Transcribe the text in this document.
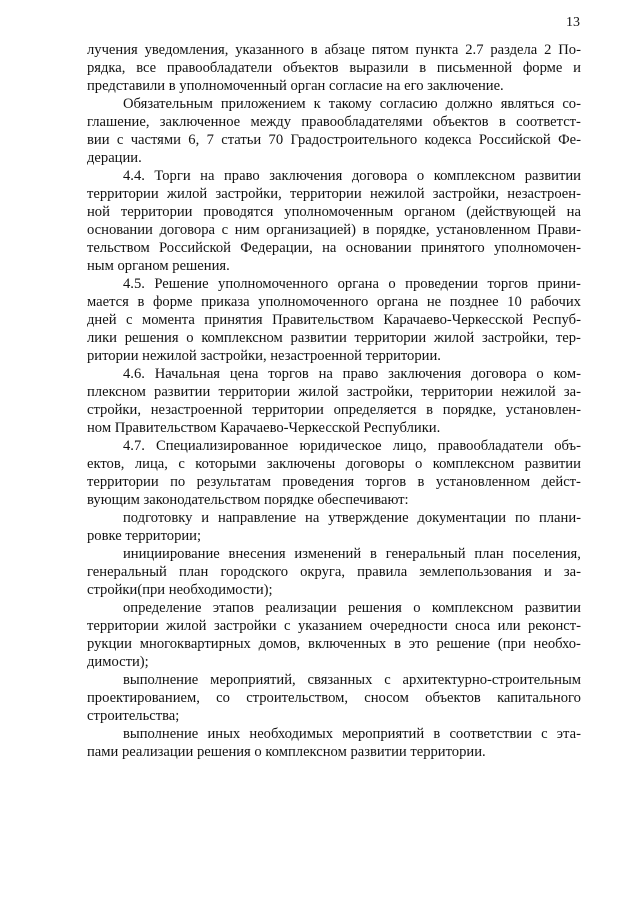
13
лучения уведомления, указанного в абзаце пятом пункта 2.7 раздела 2 По-
рядка, все правообладатели объектов выразили в письменной форме и
представили в уполномоченный орган согласие на его заключение.
Обязательным приложением к такому согласию должно являться со-
глашение, заключенное между правообладателями объектов в соответст-
вии с частями 6, 7 статьи 70 Градостроительного кодекса Российской Фе-
дерации.
4.4. Торги на право заключения договора о комплексном развитии
территории жилой застройки, территории нежилой застройки, незастроен-
ной территории проводятся уполномоченным органом (действующей на
основании договора с ним организацией) в порядке, установленном Прави-
тельством Российской Федерации, на основании принятого уполномочен-
ным органом решения.
4.5. Решение уполномоченного органа о проведении торгов прини-
мается в форме приказа уполномоченного органа не позднее 10 рабочих
дней с момента принятия Правительством Карачаево-Черкесской Респуб-
лики решения о комплексном развитии территории жилой застройки, тер-
ритории нежилой застройки, незастроенной территории.
4.6. Начальная цена торгов на право заключения договора о ком-
плексном развитии территории жилой застройки, территории нежилой за-
стройки, незастроенной территории определяется в порядке, установлен-
ном Правительством Карачаево-Черкесской Республики.
4.7. Специализированное юридическое лицо, правообладатели объ-
ектов, лица, с которыми заключены договоры о комплексном развитии
территории по результатам проведения торгов в установленном дейст-
вующим законодательством порядке обеспечивают:
подготовку и направление на утверждение документации по плани-
ровке территории;
инициирование внесения изменений в генеральный план поселения,
генеральный план городского округа, правила землепользования и за-
стройки(при необходимости);
определение этапов реализации решения о комплексном развитии
территории жилой застройки с указанием очередности сноса или реконст-
рукции многоквартирных домов, включенных в это решение (при необхо-
димости);
выполнение мероприятий, связанных с архитектурно-строительным
проектированием, со строительством, сносом объектов капитального
строительства;
выполнение иных необходимых мероприятий в соответствии с эта-
пами реализации решения о комплексном развитии территории.
